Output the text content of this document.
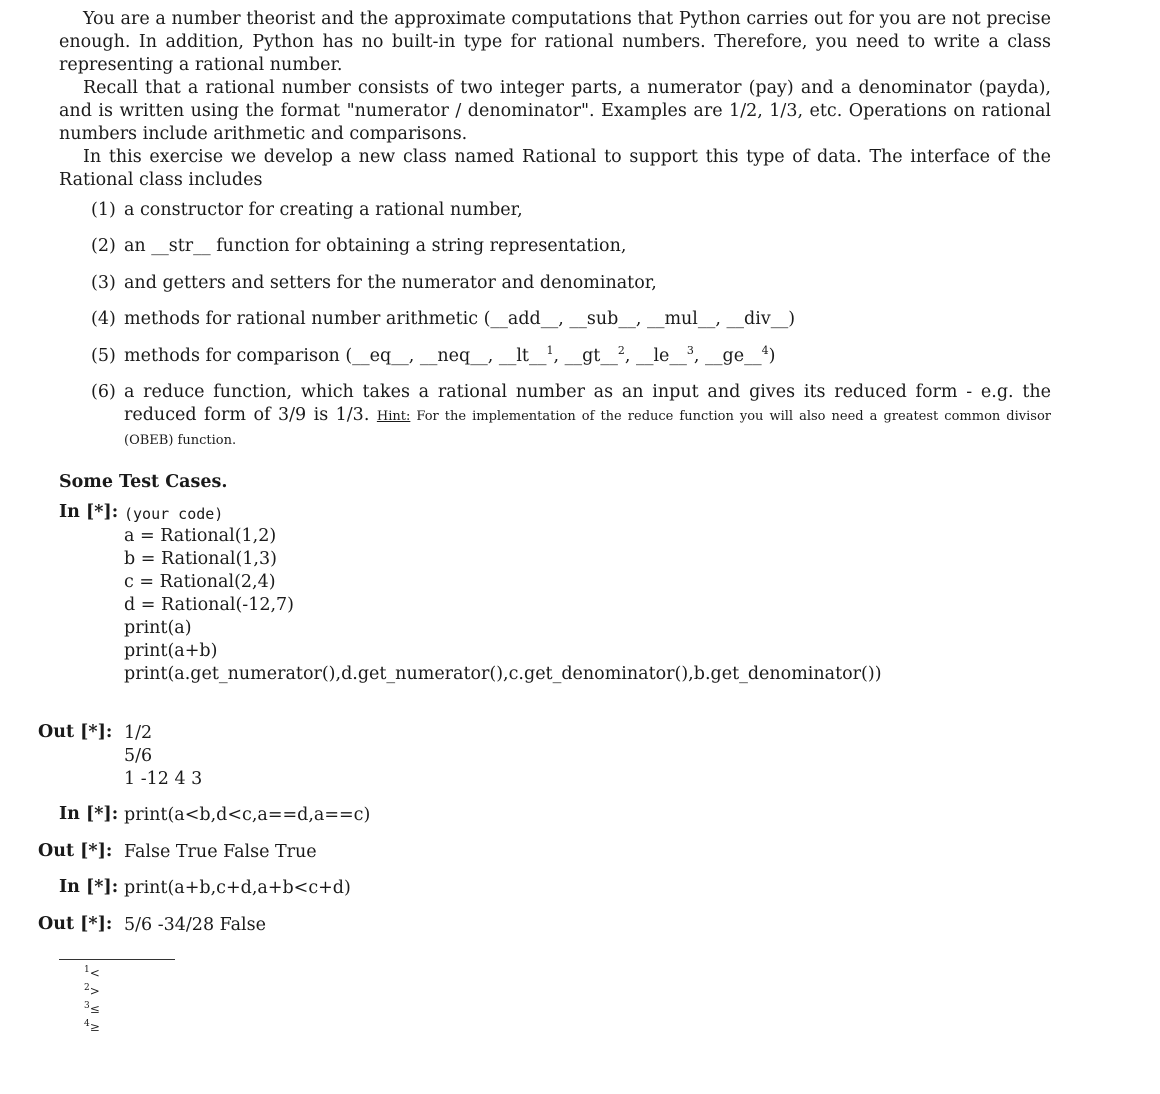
You are a number theorist and the approximate computations that Python carries out for you are not precise enough. In addition, Python has no built-in type for rational numbers. Therefore, you need to write a class representing a rational number.

Recall that a rational number consists of two integer parts, a numerator (pay) and a denominator (payda), and is written using the format "numerator / denominator". Examples are 1/2, 1/3, etc. Operations on rational numbers include arithmetic and comparisons.

In this exercise we develop a new class named Rational to support this type of data. The interface of the Rational class includes

(1) a constructor for creating a rational number,
(2) an __str__ function for obtaining a string representation,
(3) and getters and setters for the numerator and denominator,
(4) methods for rational number arithmetic (__add__, __sub__, __mul__, __div__)
(5) methods for comparison (__eq__, __neq__, __lt__$^1$, __gt__$^2$, __le__$^3$, __ge__$^4$)
(6) a reduce function, which takes a rational number as an input and gives its reduced form - e.g. the reduced form of 3/9 is 1/3. Hint: For the implementation of the reduce function you will also need a greatest common divisor (OBEB) function.
Some Test Cases.
In [*]: (your code)
a = Rational(1,2)
b = Rational(1,3)
c = Rational(2,4)
d = Rational(-12,7)
print(a)
print(a+b)
print(a.get_numerator(),d.get_numerator(),c.get_denominator(),b.get_denominator())
Out [*]: 1/2
5/6
1 -12 4 3
In [*]: print(a<b,d<c,a==d,a==c)
Out [*]: False True False True
In [*]: print(a+b,c+d,a+b<c+d)
Out [*]: 5/6 -34/28 False
$^1$<
$^2$>
$^3$≤
$^4$≥
